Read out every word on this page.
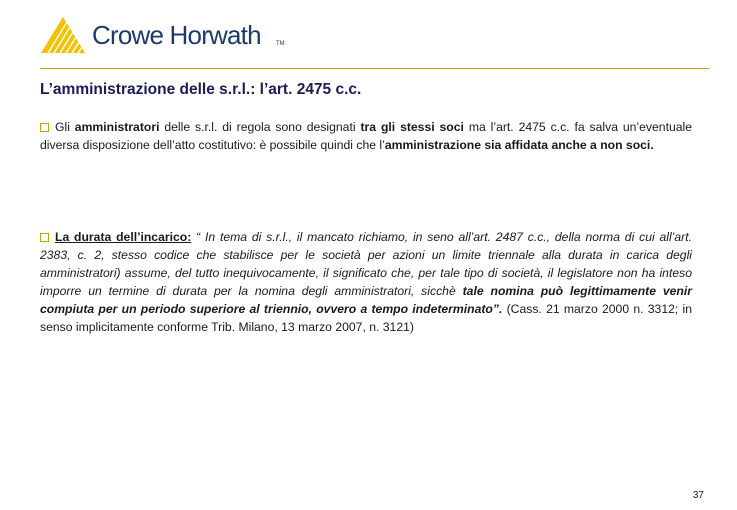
Crowe Horwath	TM
L’amministrazione delle s.r.l.: l’art. 2475 c.c.

Gli amministratori delle s.r.l. di regola sono designati tra gli stessi soci ma l’art. 2475 c.c. fa salva un’eventuale diversa disposizione dell’atto costitutivo: è possibile quindi che l’amministrazione sia affidata anche a non soci.

La durata dell’incarico: “ In tema di s.r.l., il mancato richiamo, in seno all’art. 2487 c.c., della norma di cui all’art. 2383, c. 2, stesso codice che stabilisce per le società per azioni un limite triennale alla durata in carica degli amministratori) assume, del tutto inequivocamente, il significato che, per tale tipo di società, il legislatore non ha inteso imporre un termine di durata per la nomina degli amministratori, sicchè tale nomina può legittimamente venir compiuta per un periodo superiore al triennio, ovvero a tempo indeterminato”. (Cass. 21 marzo 2000 n. 3312; in senso implicitamente conforme Trib. Milano, 13 marzo 2007, n. 3121)

37
